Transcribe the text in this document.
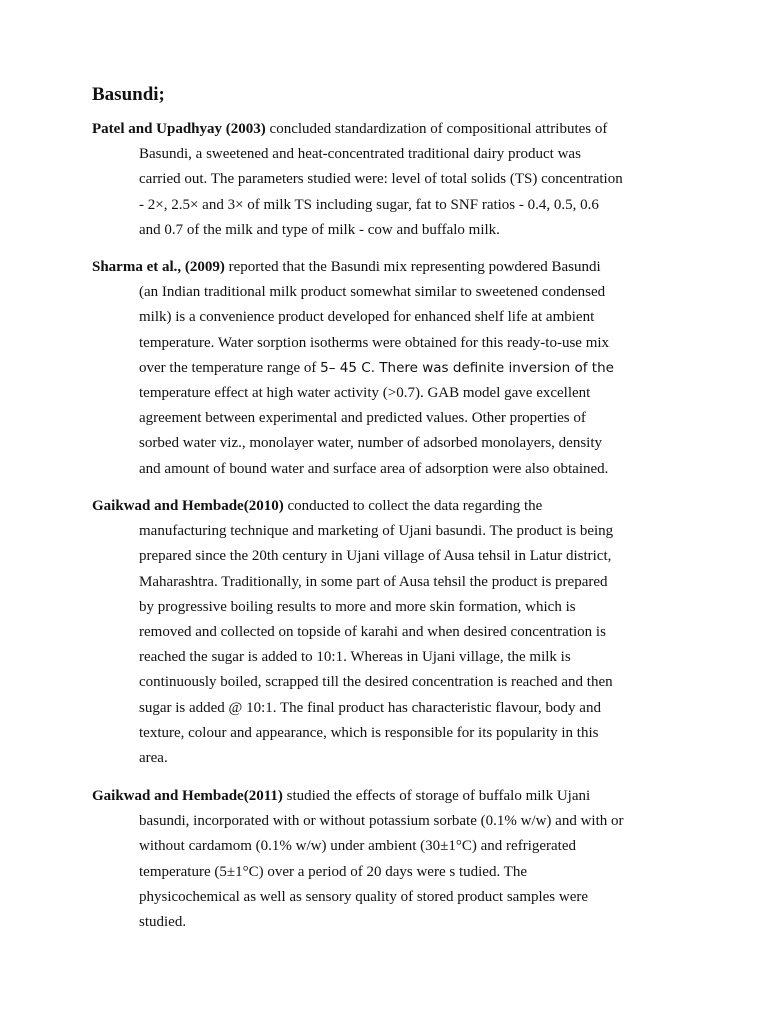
Basundi;
Patel and Upadhyay (2003) concluded standardization of compositional attributes of
Basundi, a sweetened and heat-concentrated traditional dairy product was
carried out. The parameters studied were: level of total solids (TS) concentration
- 2×, 2.5× and 3× of milk TS including sugar, fat to SNF ratios - 0.4, 0.5, 0.6
and 0.7 of the milk and type of milk - cow and buffalo milk.
Sharma et al., (2009) reported that the Basundi mix representing powdered Basundi
(an Indian traditional milk product somewhat similar to sweetened condensed
milk) is a convenience product developed for enhanced shelf life at ambient
temperature. Water sorption isotherms were obtained for this ready-to-use mix
over the temperature range of 5– 45 C. There was definite inversion of the
temperature effect at high water activity (>0.7). GAB model gave excellent
agreement between experimental and predicted values. Other properties of
sorbed water viz., monolayer water, number of adsorbed monolayers, density
and amount of bound water and surface area of adsorption were also obtained.
Gaikwad and Hembade(2010) conducted to collect the data regarding the
manufacturing technique and marketing of Ujani basundi. The product is being
prepared since the 20th century in Ujani village of Ausa tehsil in Latur district,
Maharashtra. Traditionally, in some part of Ausa tehsil the product is prepared
by progressive boiling results to more and more skin formation, which is
removed and collected on topside of karahi and when desired concentration is
reached the sugar is added to 10:1. Whereas in Ujani village, the milk is
continuously boiled, scrapped till the desired concentration is reached and then
sugar is added @ 10:1. The final product has characteristic flavour, body and
texture, colour and appearance, which is responsible for its popularity in this
area.
Gaikwad and Hembade(2011) studied the effects of storage of buffalo milk Ujani
basundi, incorporated with or without potassium sorbate (0.1% w/w) and with or
without cardamom (0.1% w/w) under ambient (30±1°C) and refrigerated
temperature (5±1°C) over a period of 20 days were s tudied. The
physicochemical as well as sensory quality of stored product samples were
studied.
